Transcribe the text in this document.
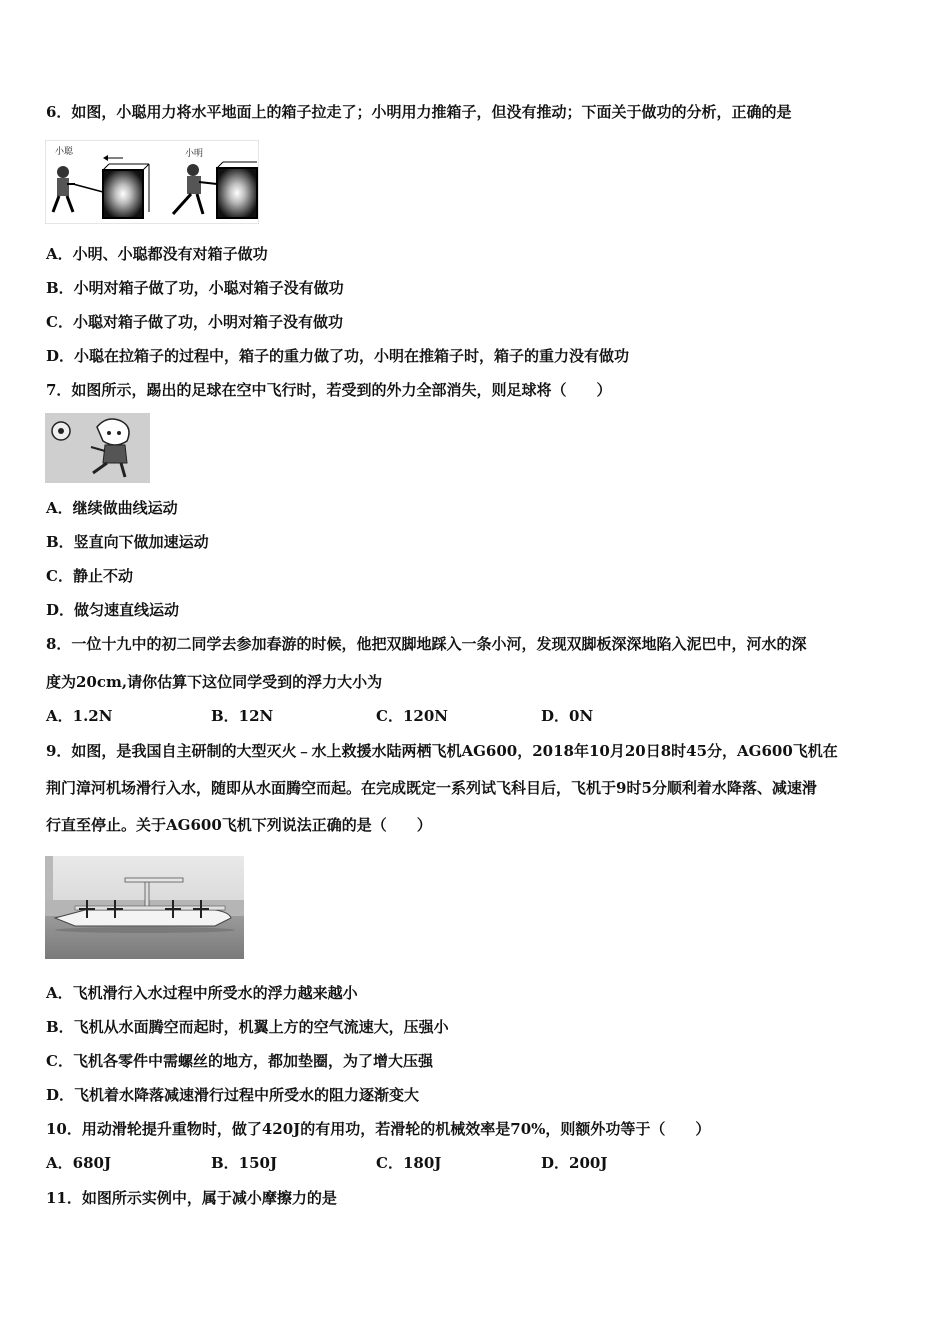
6．如图，小聪用力将水平地面上的箱子拉走了；小明用力推箱子，但没有推动；下面关于做功的分析，正确的是
小聪	小明
A．小明、小聪都没有对箱子做功
B．小明对箱子做了功，小聪对箱子没有做功
C．小聪对箱子做了功，小明对箱子没有做功
D．小聪在拉箱子的过程中，箱子的重力做了功，小明在推箱子时，箱子的重力没有做功
7．如图所示，踢出的足球在空中飞行时，若受到的外力全部消失，则足球将（　　）
A．继续做曲线运动
B．竖直向下做加速运动
C．静止不动
D．做匀速直线运动
8．一位十九中的初二同学去参加春游的时候，他把双脚地踩入一条小河，发现双脚板深深地陷入泥巴中，河水的深
度为20cm,请你估算下这位同学受到的浮力大小为
A．1.2N	B．12N	C．120N	D．0N
9．如图，是我国自主研制的大型灭火﹣水上救援水陆两栖飞机AG600，2018年10月20日8时45分，AG600飞机在
荆门漳河机场滑行入水，随即从水面腾空而起。在完成既定一系列试飞科目后，飞机于9时5分顺利着水降落、减速滑
行直至停止。关于AG600飞机下列说法正确的是（　　）
A．飞机滑行入水过程中所受水的浮力越来越小
B．飞机从水面腾空而起时，机翼上方的空气流速大，压强小
C．飞机各零件中需螺丝的地方，都加垫圈，为了增大压强
D．飞机着水降落减速滑行过程中所受水的阻力逐渐变大
10．用动滑轮提升重物时，做了420J的有用功，若滑轮的机械效率是70%，则额外功等于（　　）
A．680J	B．150J	C．180J	D．200J
11．如图所示实例中，属于减小摩擦力的是
